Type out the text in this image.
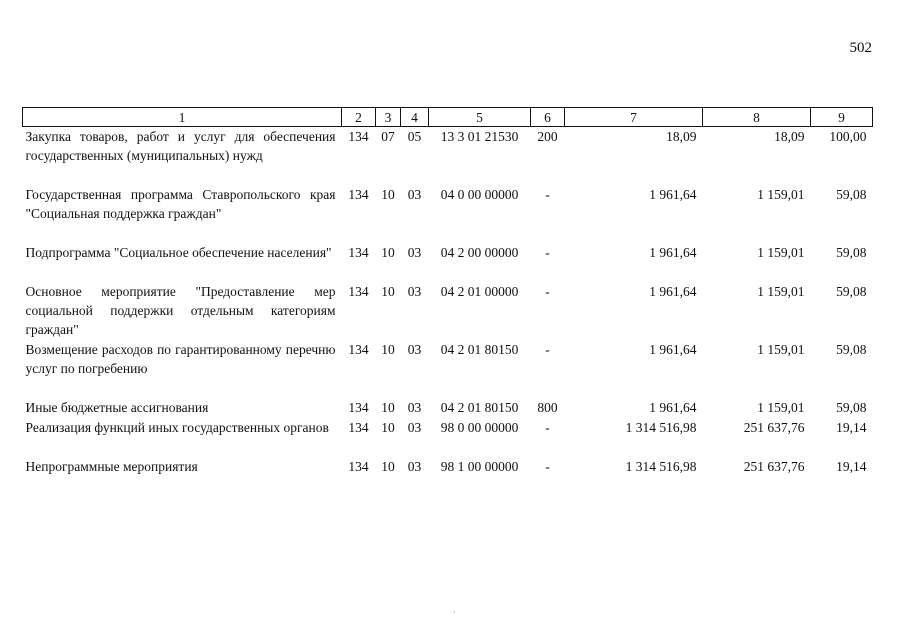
502
1	2	3	4	5	6	7	8	9
Закупка товаров, работ и услуг для обеспечения государственных (муниципальных) нужд	134	07	05	13 3 01 21530	200	18,09	18,09	100,00
Государственная программа Ставропольского края "Социальная поддержка граждан"	134	10	03	04 0 00 00000	-	1 961,64	1 159,01	59,08
Подпрограмма "Социальное обеспечение населения"	134	10	03	04 2 00 00000	-	1 961,64	1 159,01	59,08
Основное мероприятие "Предоставление мер социальной поддержки отдельным категориям граждан"	134	10	03	04 2 01 00000	-	1 961,64	1 159,01	59,08
Возмещение расходов по гарантированному перечню услуг по погребению	134	10	03	04 2 01 80150	-	1 961,64	1 159,01	59,08
Иные бюджетные ассигнования	134	10	03	04 2 01 80150	800	1 961,64	1 159,01	59,08
Реализация функций иных государственных органов	134	10	03	98 0 00 00000	-	1 314 516,98	251 637,76	19,14
Непрограммные мероприятия	134	10	03	98 1 00 00000	-	1 314 516,98	251 637,76	19,14
